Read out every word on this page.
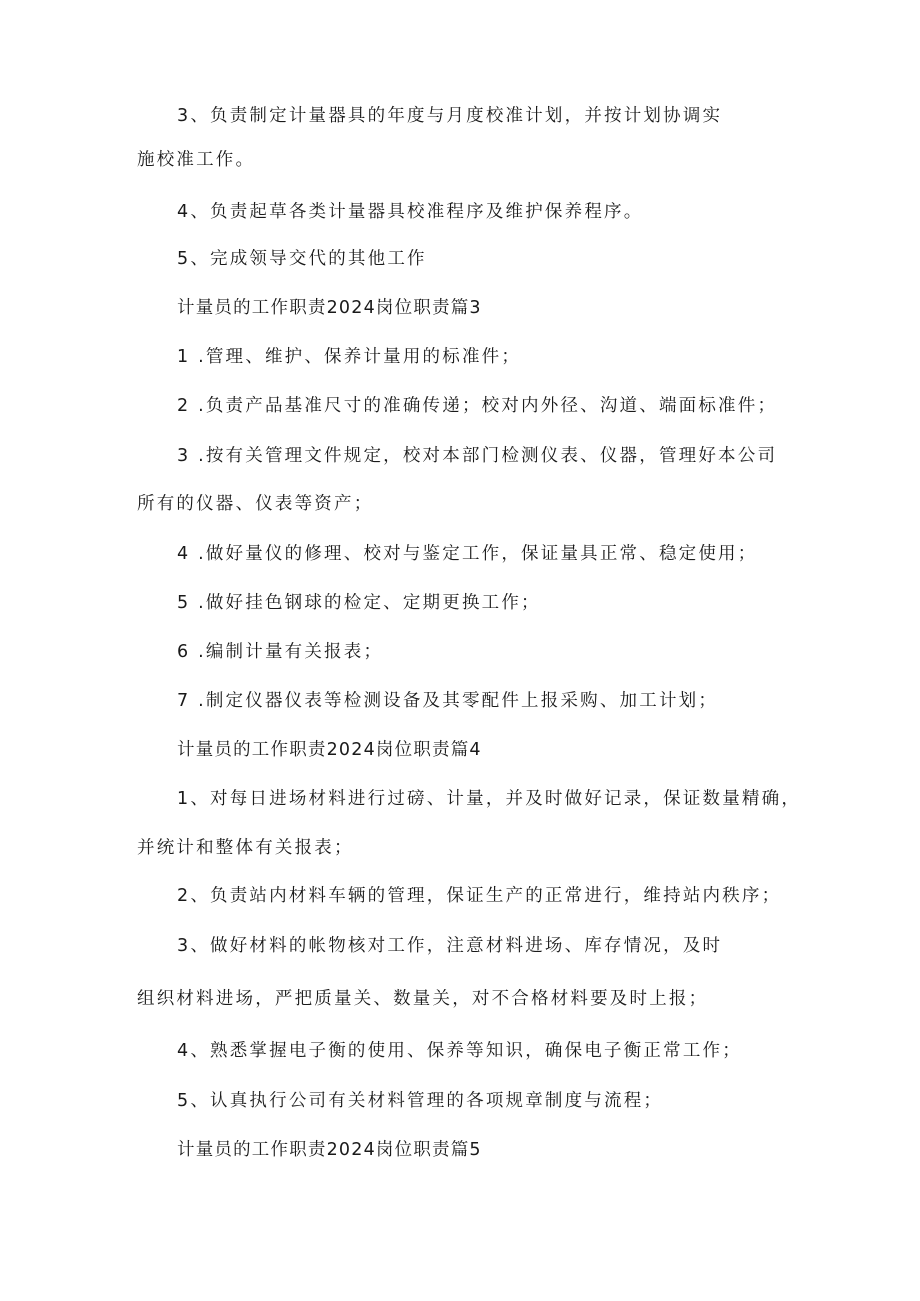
3、负责制定计量器具的年度与月度校准计划，并按计划协调实
施校准工作。
4、负责起草各类计量器具校准程序及维护保养程序。
5、完成领导交代的其他工作
计量员的工作职责2024岗位职责篇3
1 .管理、维护、保养计量用的标准件；
2 .负责产品基准尺寸的准确传递；校对内外径、沟道、端面标准件；
3 .按有关管理文件规定，校对本部门检测仪表、仪器，管理好本公司
所有的仪器、仪表等资产；
4 .做好量仪的修理、校对与鉴定工作，保证量具正常、稳定使用；
5 .做好挂色钢球的检定、定期更换工作；
6 .编制计量有关报表；
7 .制定仪器仪表等检测设备及其零配件上报采购、加工计划；
计量员的工作职责2024岗位职责篇4
1、对每日进场材料进行过磅、计量，并及时做好记录，保证数量精确，
并统计和整体有关报表；
2、负责站内材料车辆的管理，保证生产的正常进行，维持站内秩序；
3、做好材料的帐物核对工作，注意材料进场、库存情况，及时
组织材料进场，严把质量关、数量关，对不合格材料要及时上报；
4、熟悉掌握电子衡的使用、保养等知识，确保电子衡正常工作；
5、认真执行公司有关材料管理的各项规章制度与流程；
计量员的工作职责2024岗位职责篇5
